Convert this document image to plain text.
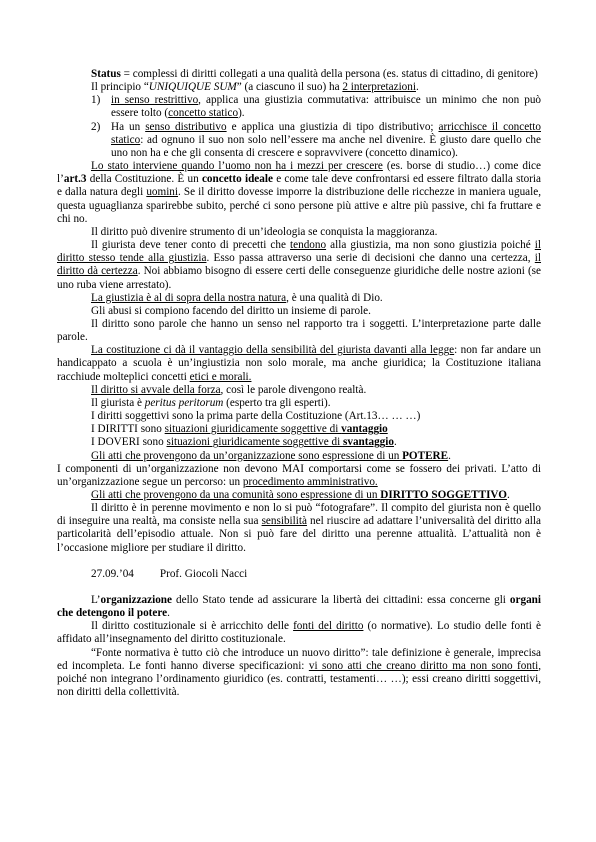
Status = complessi di diritti collegati a una qualità della persona (es. status di cittadino, di genitore)

Il principio “UNIQUIQUE SUM” (a ciascuno il suo) ha 2 interpretazioni.

1) in senso restrittivo, applica una giustizia commutativa: attribuisce un minimo che non può essere tolto (concetto statico).

2) Ha un senso distributivo e applica una giustizia di tipo distributivo; arricchisce il concetto statico: ad ognuno il suo non solo nell’essere ma anche nel divenire. È giusto dare quello che uno non ha e che gli consenta di crescere e sopravvivere (concetto dinamico).

Lo stato interviene quando l’uomo non ha i mezzi per crescere (es. borse di studio…) come dice l’art.3 della Costituzione. È un concetto ideale e come tale deve confrontarsi ed essere filtrato dalla storia e dalla natura degli uomini. Se il diritto dovesse imporre la distribuzione delle ricchezze in maniera uguale, questa uguaglianza sparirebbe subito, perché ci sono persone più attive e altre più passive, chi fa fruttare e chi no.

Il diritto può divenire strumento di un’ideologia se conquista la maggioranza.

Il giurista deve tener conto di precetti che tendono alla giustizia, ma non sono giustizia poiché il diritto stesso tende alla giustizia. Esso passa attraverso una serie di decisioni che danno una certezza, il diritto dà certezza. Noi abbiamo bisogno di essere certi delle conseguenze giuridiche delle nostre azioni (se uno ruba viene arrestato).

La giustizia è al di sopra della nostra natura, è una qualità di Dio.

Gli abusi si compiono facendo del diritto un insieme di parole.

Il diritto sono parole che hanno un senso nel rapporto tra i soggetti. L’interpretazione parte dalle parole.

La costituzione ci dà il vantaggio della sensibilità del giurista davanti alla legge: non far andare un handicappato a scuola è un’ingiustizia non solo morale, ma anche giuridica; la Costituzione italiana racchiude molteplici concetti etici e morali.

Il diritto si avvale della forza, così le parole divengono realtà.

Il giurista è peritus peritorum (esperto tra gli esperti).

I diritti soggettivi sono la prima parte della Costituzione (Art.13… … …)

I DIRITTI sono situazioni giuridicamente soggettive di vantaggio

I DOVERI sono situazioni giuridicamente soggettive di svantaggio.

Gli atti che provengono da un’organizzazione sono espressione di un POTERE.

I componenti di un’organizzazione non devono MAI comportarsi come se fossero dei privati. L’atto di un’organizzazione segue un percorso: un procedimento amministrativo.

Gli atti che provengono da una comunità sono espressione di un DIRITTO SOGGETTIVO.

Il diritto è in perenne movimento e non lo si può “fotografare”. Il compito del giurista non è quello di inseguire una realtà, ma consiste nella sua sensibilità nel riuscire ad adattare l’universalità del diritto alla particolarità dell’episodio attuale. Non si può fare del diritto una perenne attualità. L’attualità non è l’occasione migliore per studiare il diritto.

27.09.’04 Prof. Giocoli Nacci

L’organizzazione dello Stato tende ad assicurare la libertà dei cittadini: essa concerne gli organi che detengono il potere.

Il diritto costituzionale si è arricchito delle fonti del diritto (o normative). Lo studio delle fonti è affidato all’insegnamento del diritto costituzionale.

“Fonte normativa è tutto ciò che introduce un nuovo diritto”: tale definizione è generale, imprecisa ed incompleta. Le fonti hanno diverse specificazioni: vi sono atti che creano diritto ma non sono fonti, poiché non integrano l’ordinamento giuridico (es. contratti, testamenti… …); essi creano diritti soggettivi, non diritti della collettività.
